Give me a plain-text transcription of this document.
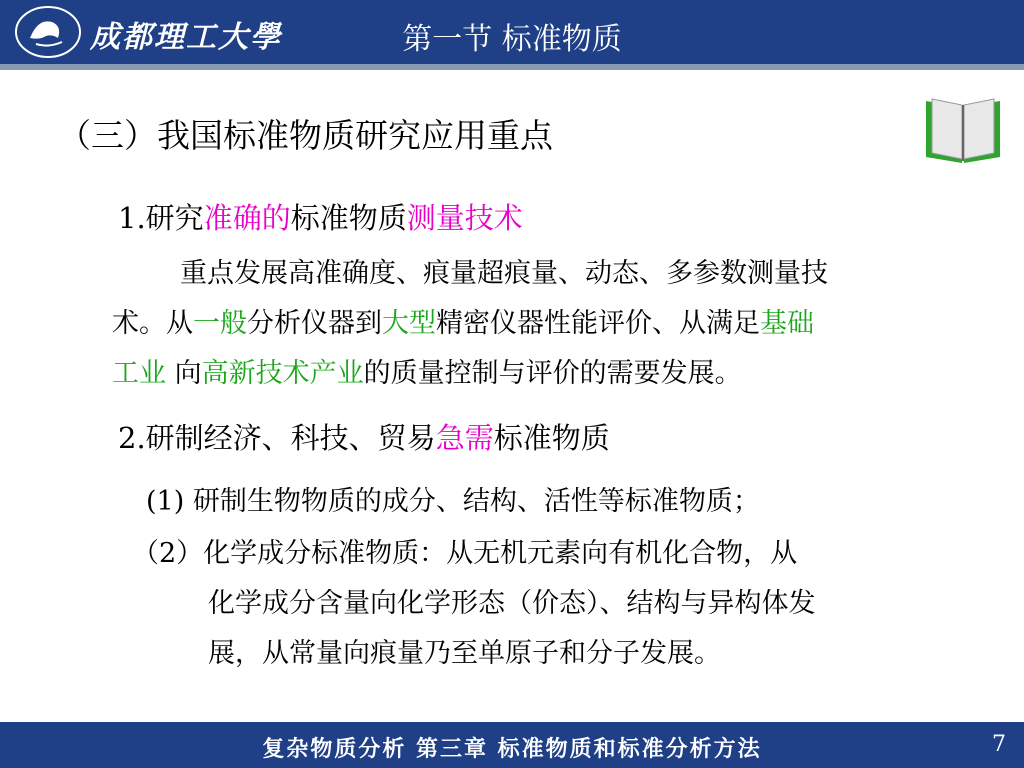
成都理工大學	第一节 标准物质
（三）我国标准物质研究应用重点
1.研究准确的标准物质测量技术
重点发展高准确度、痕量超痕量、动态、多参数测量技
术。从一般分析仪器到大型精密仪器性能评价、从满足基础
工业 向高新技术产业的质量控制与评价的需要发展。
2.研制经济、科技、贸易急需标准物质
(1) 研制生物物质的成分、结构、活性等标准物质；
（2）化学成分标准物质：从无机元素向有机化合物，从
化学成分含量向化学形态（价态）、结构与异构体发
展，从常量向痕量乃至单原子和分子发展。
复杂物质分析 第三章 标准物质和标准分析方法	7
